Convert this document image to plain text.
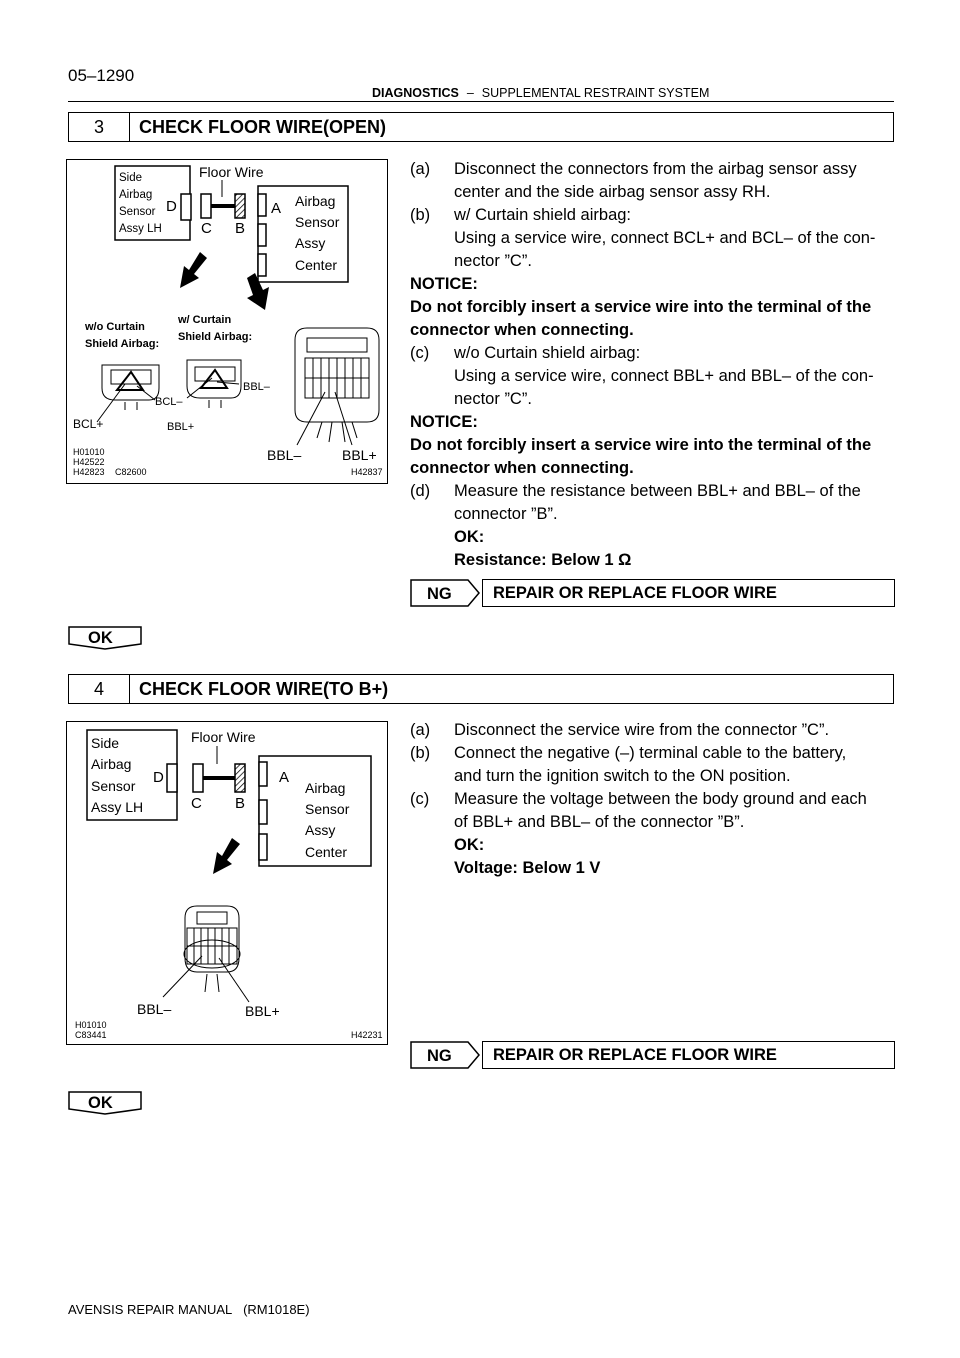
05–1290
DIAGNOSTICS – SUPPLEMENTAL RESTRAINT SYSTEM
3	CHECK FLOOR WIRE(OPEN)
Side
Airbag
Sensor
Assy LH
D
Floor Wire
C B
A Airbag
Sensor
Assy
Center
w/o Curtain
Shield Airbag:
w/ Curtain
Shield Airbag:
BCL+
BCL–
BBL+
BBL–
BBL–	BBL+
H01010
H42522
H42823 C82600	H42837
(a) Disconnect the connectors from the airbag sensor assy
center and the side airbag sensor assy RH.
(b) w/ Curtain shield airbag:
Using a service wire, connect BCL+ and BCL– of the con-
nector ”C”.
NOTICE:
Do not forcibly insert a service wire into the terminal of the
connector when connecting.
(c) w/o Curtain shield airbag:
Using a service wire, connect BBL+ and BBL– of the con-
nector ”C”.
NOTICE:
Do not forcibly insert a service wire into the terminal of the
connector when connecting.
(d) Measure the resistance between BBL+ and BBL– of the
connector ”B”.
OK:
Resistance: Below 1 Ω
NG	REPAIR OR REPLACE FLOOR WIRE
OK
4	CHECK FLOOR WIRE(TO B+)
Side
Airbag
Sensor
Assy LH
D
Floor Wire
C B
A
Airbag
Sensor
Assy
Center
BBL–	BBL+
H01010
C83441	H42231
(a) Disconnect the service wire from the connector ”C”.
(b) Connect the negative (–) terminal cable to the battery,
and turn the ignition switch to the ON position.
(c) Measure the voltage between the body ground and each
of BBL+ and BBL– of the connector ”B”.
OK:
Voltage: Below 1 V
NG	REPAIR OR REPLACE FLOOR WIRE
OK
AVENSIS REPAIR MANUAL (RM1018E)
